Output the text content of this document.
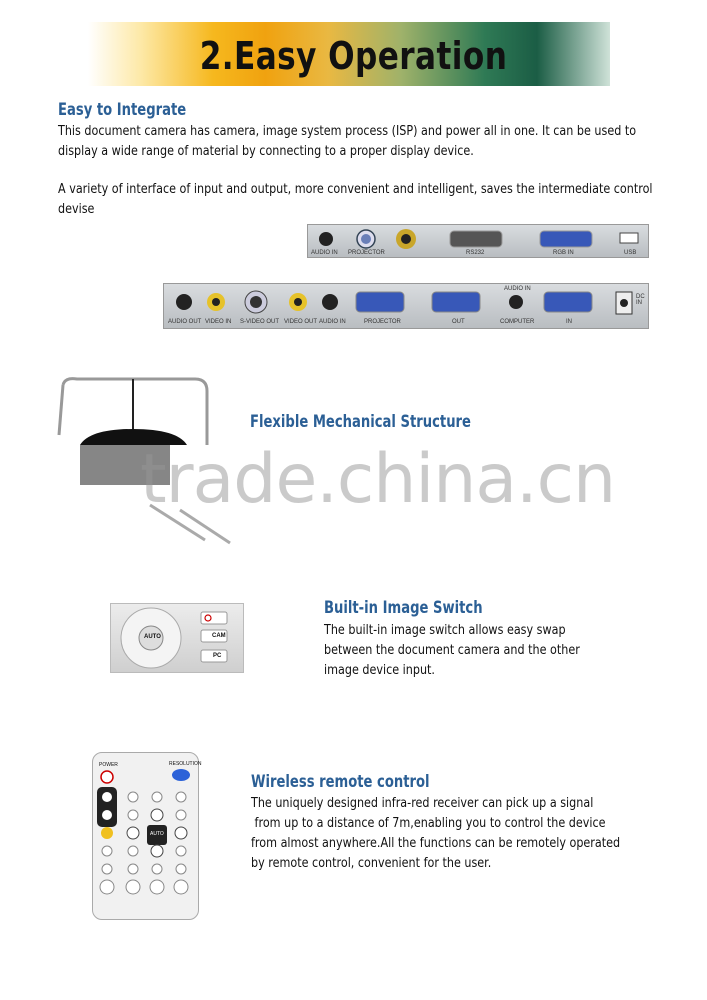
2.Easy Operation
Easy to Integrate
This document camera has camera, image system process (ISP) and power all in one. It can be used to
display a wide range of material by connecting to a proper display device.
A variety of interface of input and output, more convenient and intelligent, saves the intermediate control
devise
AUDIO IN PROJECTOR	RS232	RGB IN	USB
AUDIO OUT VIDEO IN S-VIDEO OUT VIDEO OUT AUDIO IN	PROJECTOR	OUT	COMPUTER	IN
AUDIO IN
DC IN
Flexible Mechanical Structure
trade.china.cn
AUTO	CAM
PC
Built-in Image Switch
The built-in image switch allows easy swap
between the document camera and the other
image device input.
POWER	RESOLUTION
AUTO
Wireless remote control
The uniquely designed infra-red receiver can pick up a signal
from up to a distance of 7m,enabling you to control the device
from almost anywhere.All the functions can be remotely operated
by remote control, convenient for the user.
